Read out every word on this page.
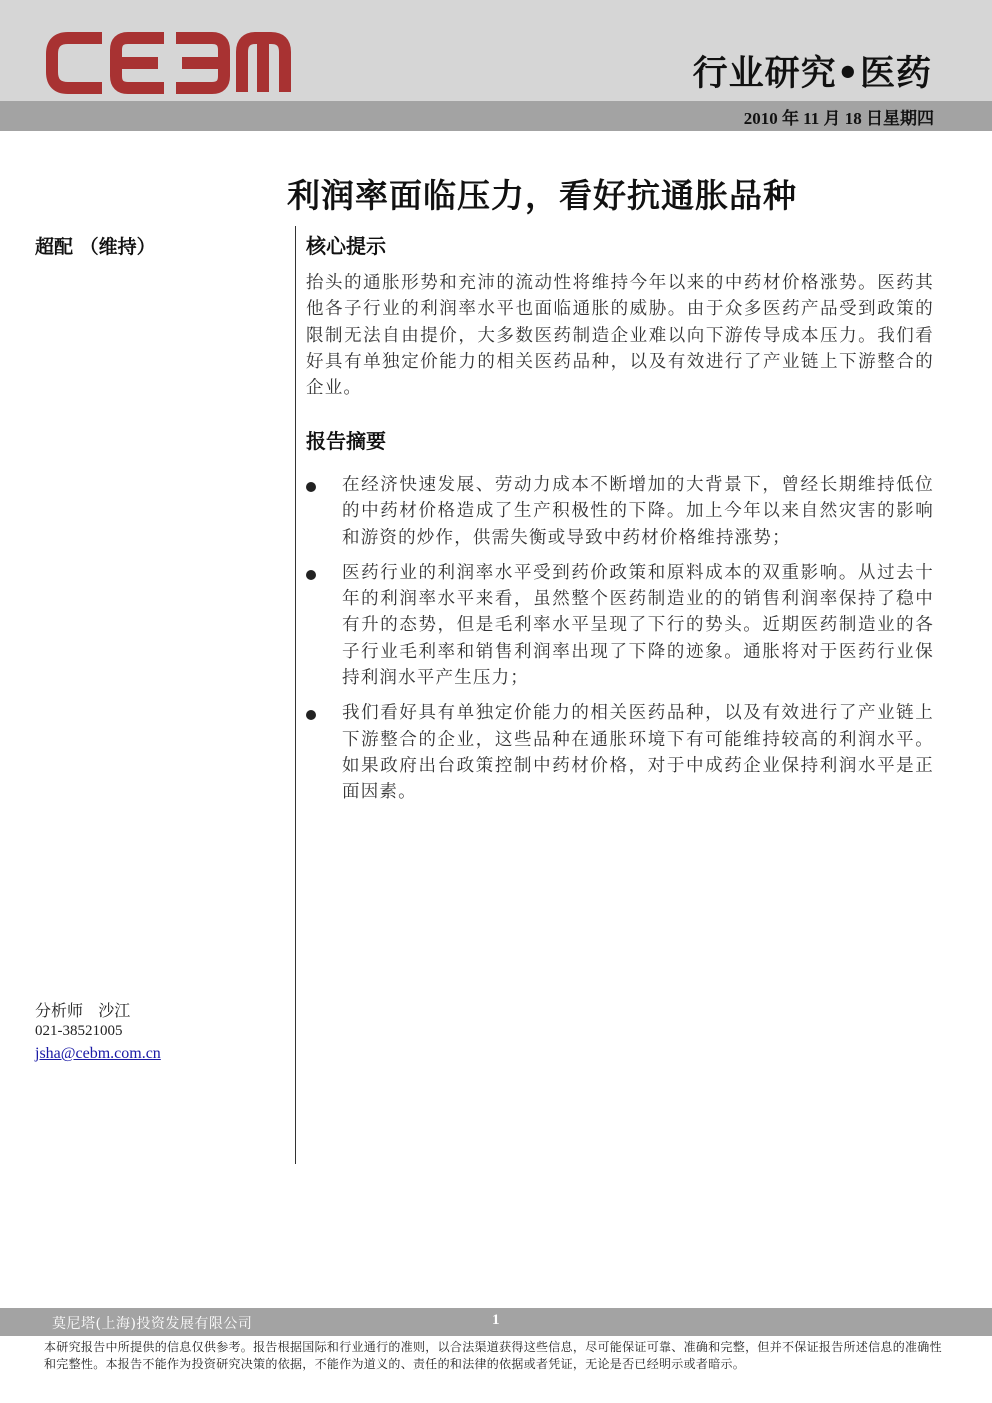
行业研究•医药
2010 年 11 月 18 日星期四
利润率面临压力，看好抗通胀品种
超配 （维持）	核心提示
抬头的通胀形势和充沛的流动性将维持今年以来的中药材价格涨势。医药其他各子行业的利润率水平也面临通胀的威胁。由于众多医药产品受到政策的限制无法自由提价，大多数医药制造企业难以向下游传导成本压力。我们看好具有单独定价能力的相关医药品种，以及有效进行了产业链上下游整合的企业。
报告摘要
在经济快速发展、劳动力成本不断增加的大背景下，曾经长期维持低位的中药材价格造成了生产积极性的下降。加上今年以来自然灾害的影响和游资的炒作，供需失衡或导致中药材价格维持涨势；
医药行业的利润率水平受到药价政策和原料成本的双重影响。从过去十年的利润率水平来看，虽然整个医药制造业的的销售利润率保持了稳中有升的态势，但是毛利率水平呈现了下行的势头。近期医药制造业的各子行业毛利率和销售利润率出现了下降的迹象。通胀将对于医药行业保持利润水平产生压力；
我们看好具有单独定价能力的相关医药品种，以及有效进行了产业链上下游整合的企业，这些品种在通胀环境下有可能维持较高的利润水平。如果政府出台政策控制中药材价格，对于中成药企业保持利润水平是正面因素。
分析师 沙江
021-38521005
jsha@cebm.com.cn
莫尼塔(上海)投资发展有限公司	1
本研究报告中所提供的信息仅供参考。报告根据国际和行业通行的准则，以合法渠道获得这些信息，尽可能保证可靠、准确和完整，但并不保证报告所述信息的准确性和完整性。本报告不能作为投资研究决策的依据，不能作为道义的、责任的和法律的依据或者凭证，无论是否已经明示或者暗示。
